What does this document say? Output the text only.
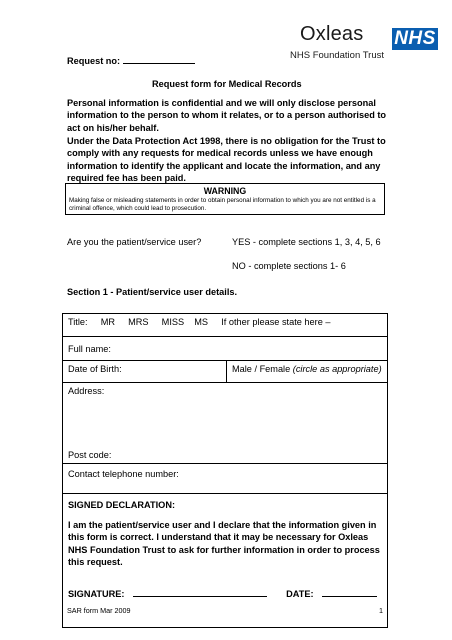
Oxleas NHS
NHS Foundation Trust
Request no:
Request form for Medical Records
Personal information is confidential and we will only disclose personal information to the person to whom it relates, or to a person authorised to act on his/her behalf.
Under the Data Protection Act 1998, there is no obligation for the Trust to comply with any requests for medical records unless we have enough information to identify the applicant and locate the information, and any required fee has been paid.
WARNING
Making false or misleading statements in order to obtain personal information to which you are not entitled is a criminal offence, which could lead to prosecution.
Are you the patient/service user?	YES - complete sections 1, 3, 4, 5, 6
NO - complete sections 1- 6
Section 1 - Patient/service user details.
Title: MR MRS MISS MS If other please state here –
Full name:
Date of Birth:	Male / Female (circle as appropriate)

Address:
Post code:

Contact telephone number:

SIGNED DECLARATION:
I am the patient/service user and I declare that the information given in this form is correct. I understand that it may be necessary for Oxleas NHS Foundation Trust to ask for further information in order to process this request.
SIGNATURE:	DATE:
SAR form Mar 2009	1
